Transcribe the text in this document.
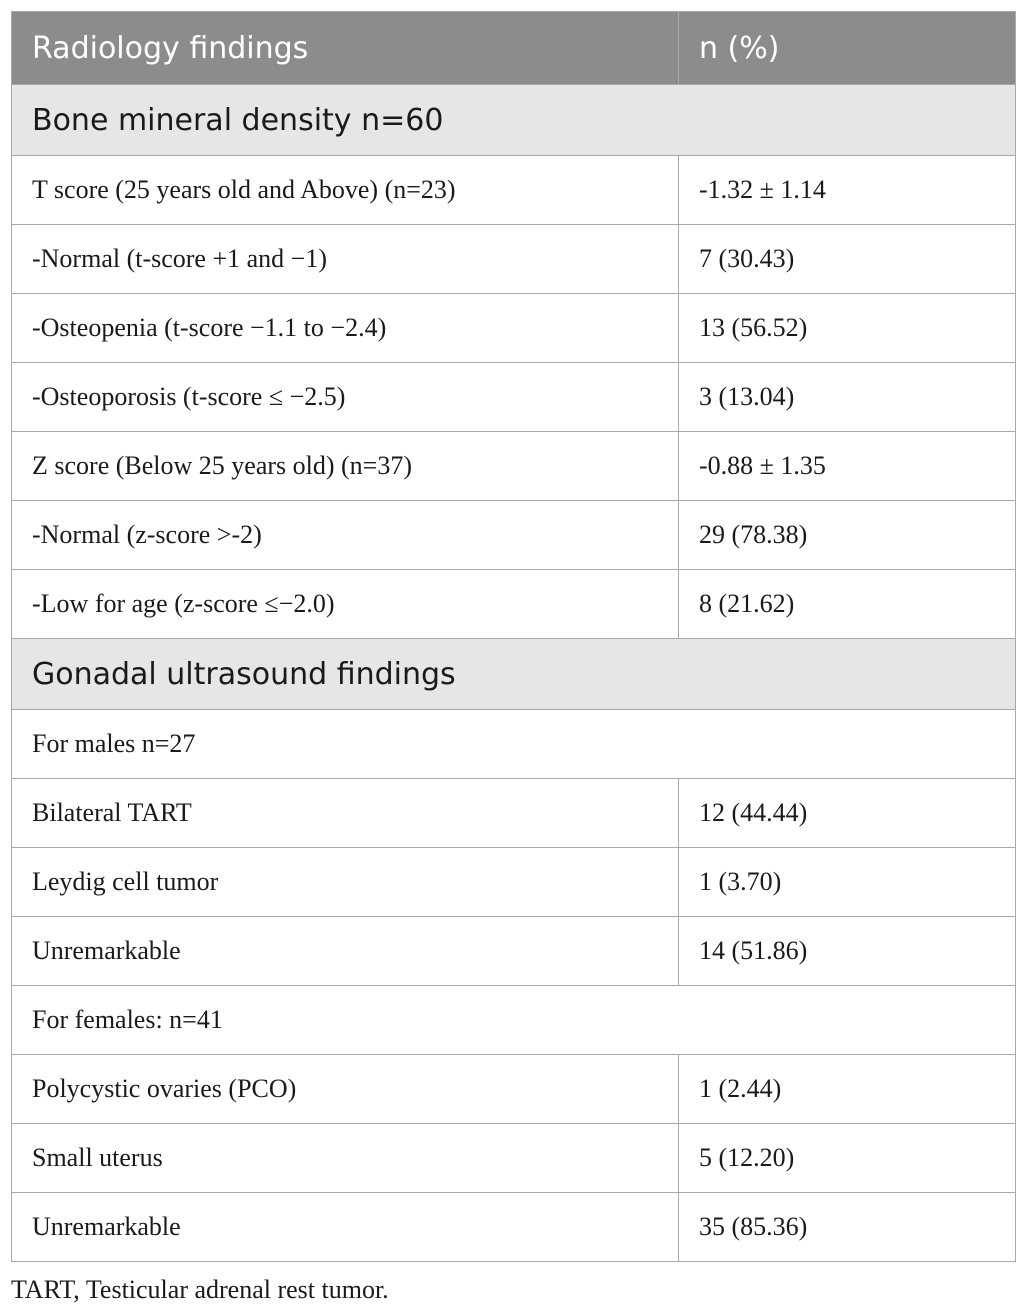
Radiology findings	n (%)
Bone mineral density n=60	
T score (25 years old and Above) (n=23)	-1.32 ± 1.14
-Normal (t-score +1 and −1)	7 (30.43)
-Osteopenia (t-score −1.1 to −2.4)	13 (56.52)
-Osteoporosis (t-score ≤ −2.5)	3 (13.04)
Z score (Below 25 years old) (n=37)	-0.88 ± 1.35
-Normal (z-score >-2)	29 (78.38)
-Low for age (z-score ≤−2.0)	8 (21.62)
Gonadal ultrasound findings	
For males n=27	
Bilateral TART	12 (44.44)
Leydig cell tumor	1 (3.70)
Unremarkable	14 (51.86)
For females: n=41	
Polycystic ovaries (PCO)	1 (2.44)
Small uterus	5 (12.20)
Unremarkable	35 (85.36)

TART, Testicular adrenal rest tumor.
